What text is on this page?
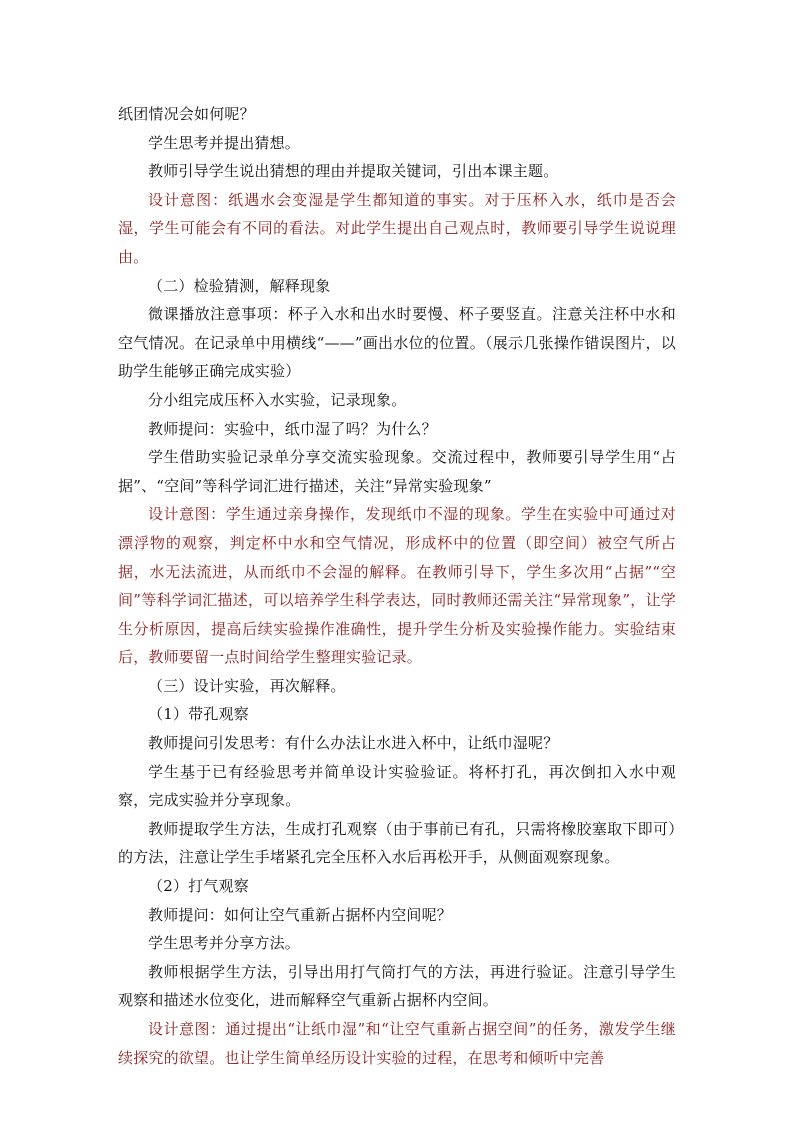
纸团情况会如何呢？

学生思考并提出猜想。

教师引导学生说出猜想的理由并提取关键词，引出本课主题。

设计意图：纸遇水会变湿是学生都知道的事实。对于压杯入水，纸巾是否会湿，学生可能会有不同的看法。对此学生提出自己观点时，教师要引导学生说说理由。

（二）检验猜测，解释现象

微课播放注意事项：杯子入水和出水时要慢、杯子要竖直。注意关注杯中水和空气情况。在记录单中用横线“——”画出水位的位置。（展示几张操作错误图片，以助学生能够正确完成实验）

分小组完成压杯入水实验，记录现象。

教师提问：实验中，纸巾湿了吗？为什么？

学生借助实验记录单分享交流实验现象。交流过程中，教师要引导学生用“占据”、“空间”等科学词汇进行描述，关注“异常实验现象”

设计意图：学生通过亲身操作，发现纸巾不湿的现象。学生在实验中可通过对漂浮物的观察，判定杯中水和空气情况，形成杯中的位置（即空间）被空气所占据，水无法流进，从而纸巾不会湿的解释。在教师引导下，学生多次用“占据”“空间”等科学词汇描述，可以培养学生科学表达，同时教师还需关注“异常现象”，让学生分析原因，提高后续实验操作准确性，提升学生分析及实验操作能力。实验结束后，教师要留一点时间给学生整理实验记录。

（三）设计实验，再次解释。

（1）带孔观察

教师提问引发思考：有什么办法让水进入杯中，让纸巾湿呢？

学生基于已有经验思考并简单设计实验验证。将杯打孔，再次倒扣入水中观察，完成实验并分享现象。

教师提取学生方法，生成打孔观察（由于事前已有孔，只需将橡胶塞取下即可）的方法，注意让学生手堵紧孔完全压杯入水后再松开手，从侧面观察现象。

（2）打气观察

教师提问：如何让空气重新占据杯内空间呢？

学生思考并分享方法。

教师根据学生方法，引导出用打气筒打气的方法，再进行验证。注意引导学生观察和描述水位变化，进而解释空气重新占据杯内空间。

设计意图：通过提出“让纸巾湿”和“让空气重新占据空间”的任务，激发学生继续探究的欲望。也让学生简单经历设计实验的过程，在思考和倾听中完善
